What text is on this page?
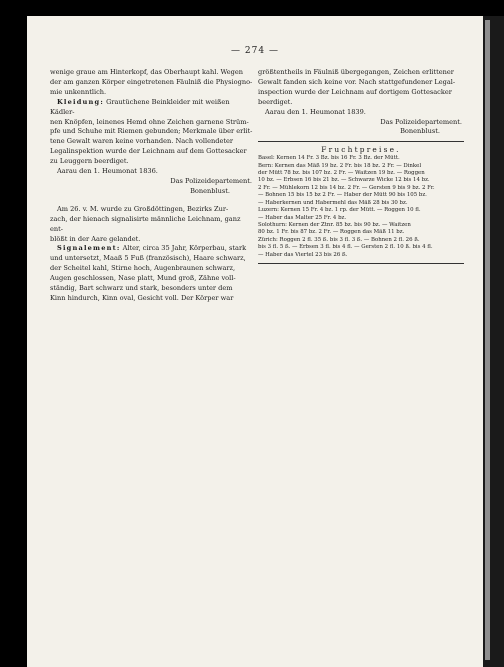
— 274 —

wenige graue am Hinterkopf, das Oberhaupt kahl. Wegen

der am ganzen Körper eingetretenen Fäulniß die Physiogno-

mie unkenntlich.

Kleidung: Grautüchene Beinkleider mit weißen Kädler-

nen Knöpfen, leinenes Hemd ohne Zeichen garnene Strüm-

pfe und Schuhe mit Riemen gebunden; Merkmale über erlit-

tene Gewalt waren keine vorhanden. Nach vollendeter

Legalinspektion wurde der Leichnam auf dem Gottesacker

zu Leuggern beerdiget.

Aarau den 1. Heumonat 1836.

Das Polizeidepartement.

Bonenblust.

Am 26. v. M. wurde zu Großdöttingen, Bezirks Zur-

zach, der hienach signalisirte männliche Leichnam, ganz ent-

blößt in der Aare gelandet.

Signalement: Alter, circa 35 Jahr, Körperbau, stark

und untersetzt, Maaß 5 Fuß (französisch), Haare schwarz,

der Scheitel kahl, Stirne hoch, Augenbraunen schwarz,

Augen geschlossen, Nase platt, Mund groß, Zähne voll-

ständig, Bart schwarz und stark, besonders unter dem

Kinn hindurch, Kinn oval, Gesicht voll. Der Körper war

größtentheils in Fäulniß übergegangen, Zeichen erlittener

Gewalt fanden sich keine vor. Nach stattgefundener Legal-

inspection wurde der Leichnam auf dortigem Gottesacker

beerdiget.

Aarau den 1. Heumonat 1839.

Das Polizeidepartement.

Bonenblust.

Fruchtpreise.

Basel: Kernen 14 Fr. 3 Bz. bis 16 Fr. 3 Bz. der Mütt.

Bern: Kernen das Mäß 19 bz. 2 Fr. bis 18 bz. 2 Fr. — Dinkel

der Mütt 78 bz. bis 107 bz. 2 Fr. — Waitzen 19 bz. — Roggen

10 bz. — Erbsen 16 bis 21 bz. — Schwarze Wicke 12 bis 14 bz.

2 Fr. — Mühlekorn 12 bis 14 bz. 2 Fr. — Gersten 9 bis 9 bz. 2 Fr.

— Bohnen 15 bis 15 bz 2 Fr. — Haber der Mütt 90 bis 105 bz.

— Haberkernen und Habermehl das Mäß 28 bis 30 bz.

Luzern: Kernen 15 Fr. 4 bz. 1 rp. der Mütt. — Roggen 10 fl.

— Haber das Malter 25 Fr. 4 bz.

Solothurn: Kernen der Ztnr. 85 bz. bis 90 bz. — Waitzen

80 bz. 1 Fr. bis 87 bz. 2 Fr. — Roggen das Mäß 11 bz.

Zürich: Roggen 2 fl. 35 ß. bis 3 fl. 3 ß. — Bohnen 2 fl. 26 ß.

bis 3 fl. 5 ß. — Erbsen 3 fl. bis 4 fl. — Gersten 2 fl. 10 ß. bis 4 fl.

— Haber das Viertel 23 bis 26 ß.
